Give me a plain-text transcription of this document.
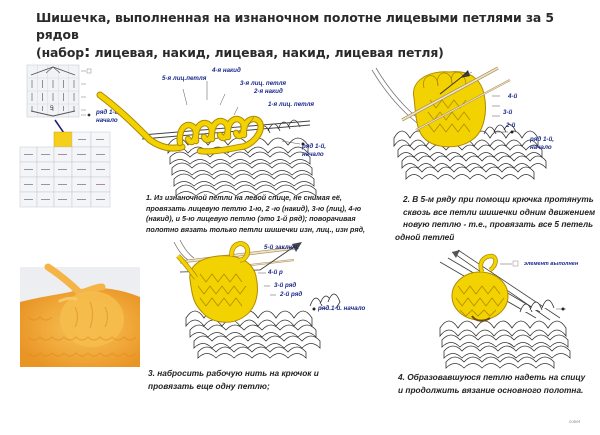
Шишечка, выполненная на изнаночном полотне лицевыми петлями за 5 рядов
(набор: лицевая, накид, лицевая, накид, лицевая петля)
5	ряд 1-й,
начало
5-я лиц.петля
4-я накид
3-я лиц. петля
2-я накид
1-я лиц. петля
ряд 1-й,
начало
1. Из изнаночной петли на левой спице, не снимая её,
провязать лицевую петлю 1-ю, 2 -ю (накид), 3-ю (лиц), 4-ю
(накид), и 5-ю лицевую петлю (это 1-й ряд); поворачивая
полотно вязать только петли шишечки изн, лиц., изн ряд,
4-й
3-й
2-й
ряд 1-й,
начало
2. В 5-м ряду при помощи крючка протянуть
сквозь все петли шишечки одним движением
новую петлю - т.е., провязать все 5 петель
одной петлей
5-й заключ.
4-й р
3-й ряд
2-й ряд
ряд 1-й. начало
3. набросить рабочую нить на крючок и
провязать еще одну петлю;
элемент выполнен
4. Образовавшуюся петлю надеть на спицу
и продолжить вязание основного полотна.
conet
